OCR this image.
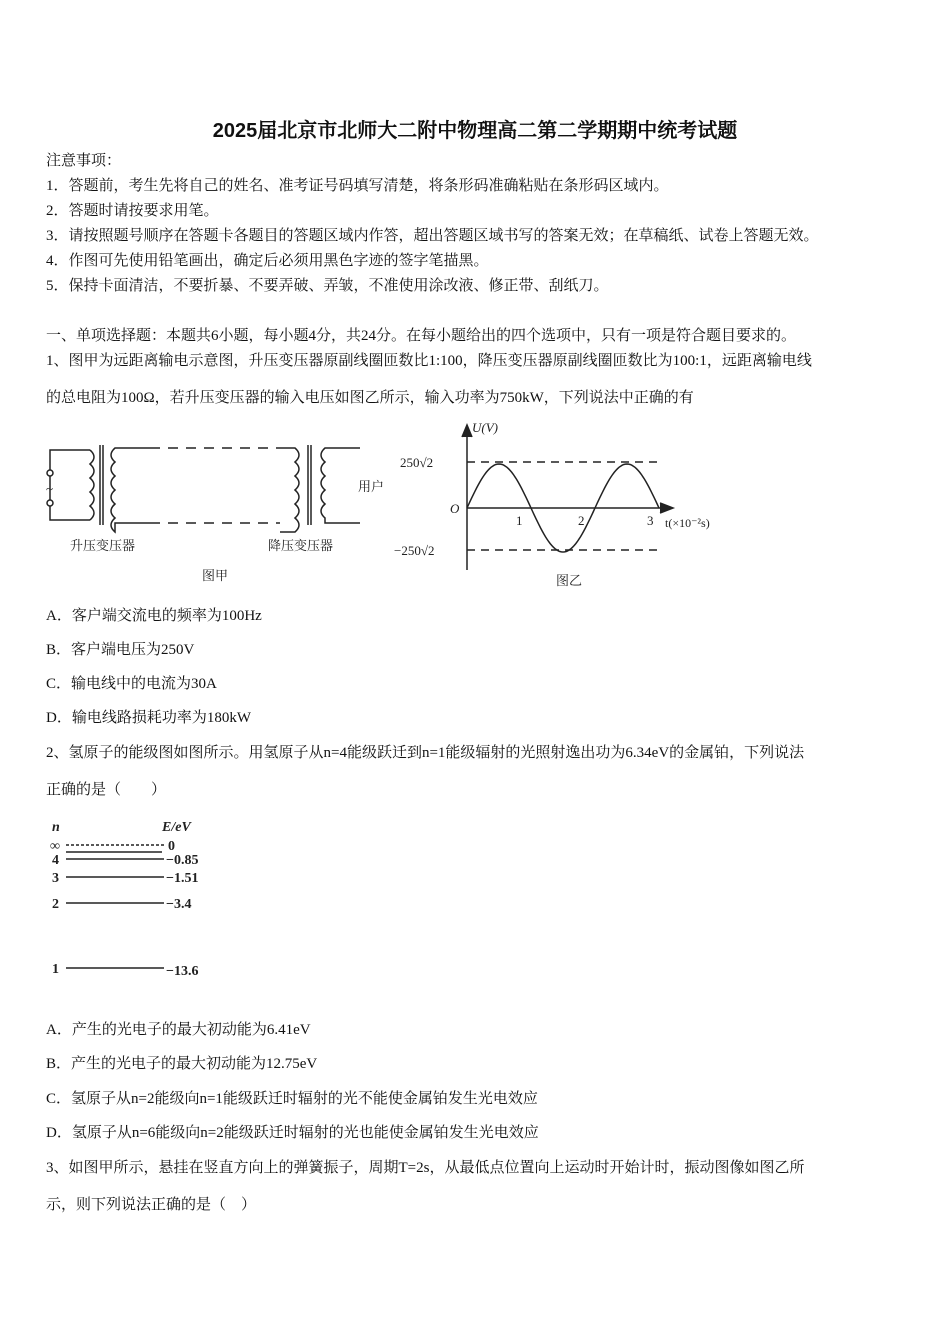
2025届北京市北师大二附中物理高二第二学期期中统考试题
注意事项：
1．答题前，考生先将自己的姓名、准考证号码填写清楚，将条形码准确粘贴在条形码区域内。
2．答题时请按要求用笔。
3．请按照题号顺序在答题卡各题目的答题区域内作答，超出答题区域书写的答案无效；在草稿纸、试卷上答题无效。
4．作图可先使用铅笔画出，确定后必须用黑色字迹的签字笔描黑。
5．保持卡面清洁，不要折暴、不要弄破、弄皱，不准使用涂改液、修正带、刮纸刀。
一、单项选择题：本题共6小题，每小题4分，共24分。在每小题给出的四个选项中，只有一项是符合题目要求的。
1、图甲为远距离输电示意图，升压变压器原副线圈匝数比1:100，降压变压器原副线圈匝数比为100:1，远距离输电线
的总电阻为100Ω，若升压变压器的输入电压如图乙所示，输入功率为750kW，下列说法中正确的有
~	用户
升压变压器	降压变压器
图甲
U(V)
250√2
−250√2
O
1	2	3 t(×10⁻²s)
图乙
A．客户端交流电的频率为100Hz
B．客户端电压为250V
C．输电线中的电流为30A
D．输电线路损耗功率为180kW
2、氢原子的能级图如图所示。用氢原子从n=4能级跃迁到n=1能级辐射的光照射逸出功为6.34eV的金属铂，下列说法
正确的是（　　）
n	E/eV
∞	0
4	−0.85
3	−1.51
2	−3.4
1	−13.6
A．产生的光电子的最大初动能为6.41eV
B．产生的光电子的最大初动能为12.75eV
C．氢原子从n=2能级向n=1能级跃迁时辐射的光不能使金属铂发生光电效应
D．氢原子从n=6能级向n=2能级跃迁时辐射的光也能使金属铂发生光电效应
3、如图甲所示，悬挂在竖直方向上的弹簧振子，周期T=2s，从最低点位置向上运动时开始计时，振动图像如图乙所
示，则下列说法正确的是（　）
